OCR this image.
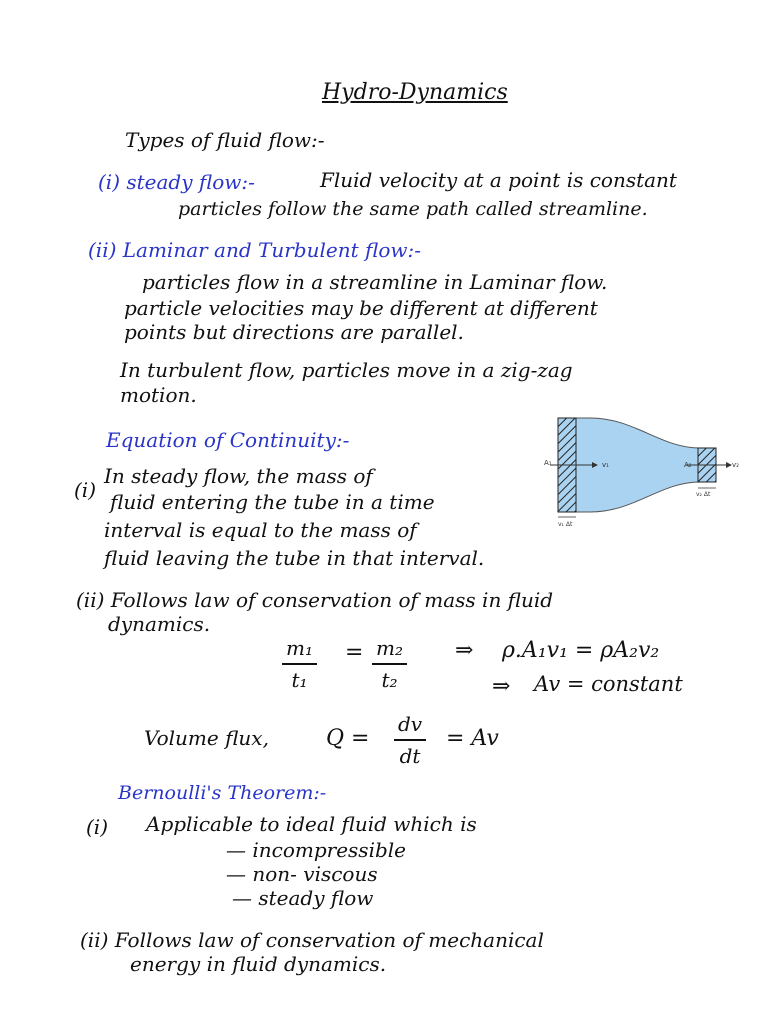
Hydro-Dynamics
Types of fluid flow:-
(i) steady flow:-	Fluid velocity at a point is constant
particles follow the same path called streamline.
(ii) Laminar and Turbulent flow:-
particles flow in a streamline in Laminar flow.
particle velocities may be different at different
points but directions are parallel.
In turbulent flow, particles move in a zig-zag
motion.
Equation of Continuity:-
A₁	v₁	A₂	v₂
v₁ Δt
v₂ Δt
(i)
In steady flow, the mass of
fluid entering the tube in a time
interval is equal to the mass of
fluid leaving the tube in that interval.
(ii) Follows law of conservation of mass in fluid
dynamics.
$\frac{\text{m₁}}{\text{t₁}} = \frac{\text{m₂}}{\text{t₂}}$ ⇒ ρ.A₁v₁ = ρA₂v₂
⇒ Av = constant
Volume flux,	$Q = \frac{dv}{dt} = Av$
Bernoulli's Theorem:-
(i) Applicable to ideal fluid which is
— incompressible
— non- viscous
— steady flow
(ii) Follows law of conservation of mechanical
energy in fluid dynamics.
